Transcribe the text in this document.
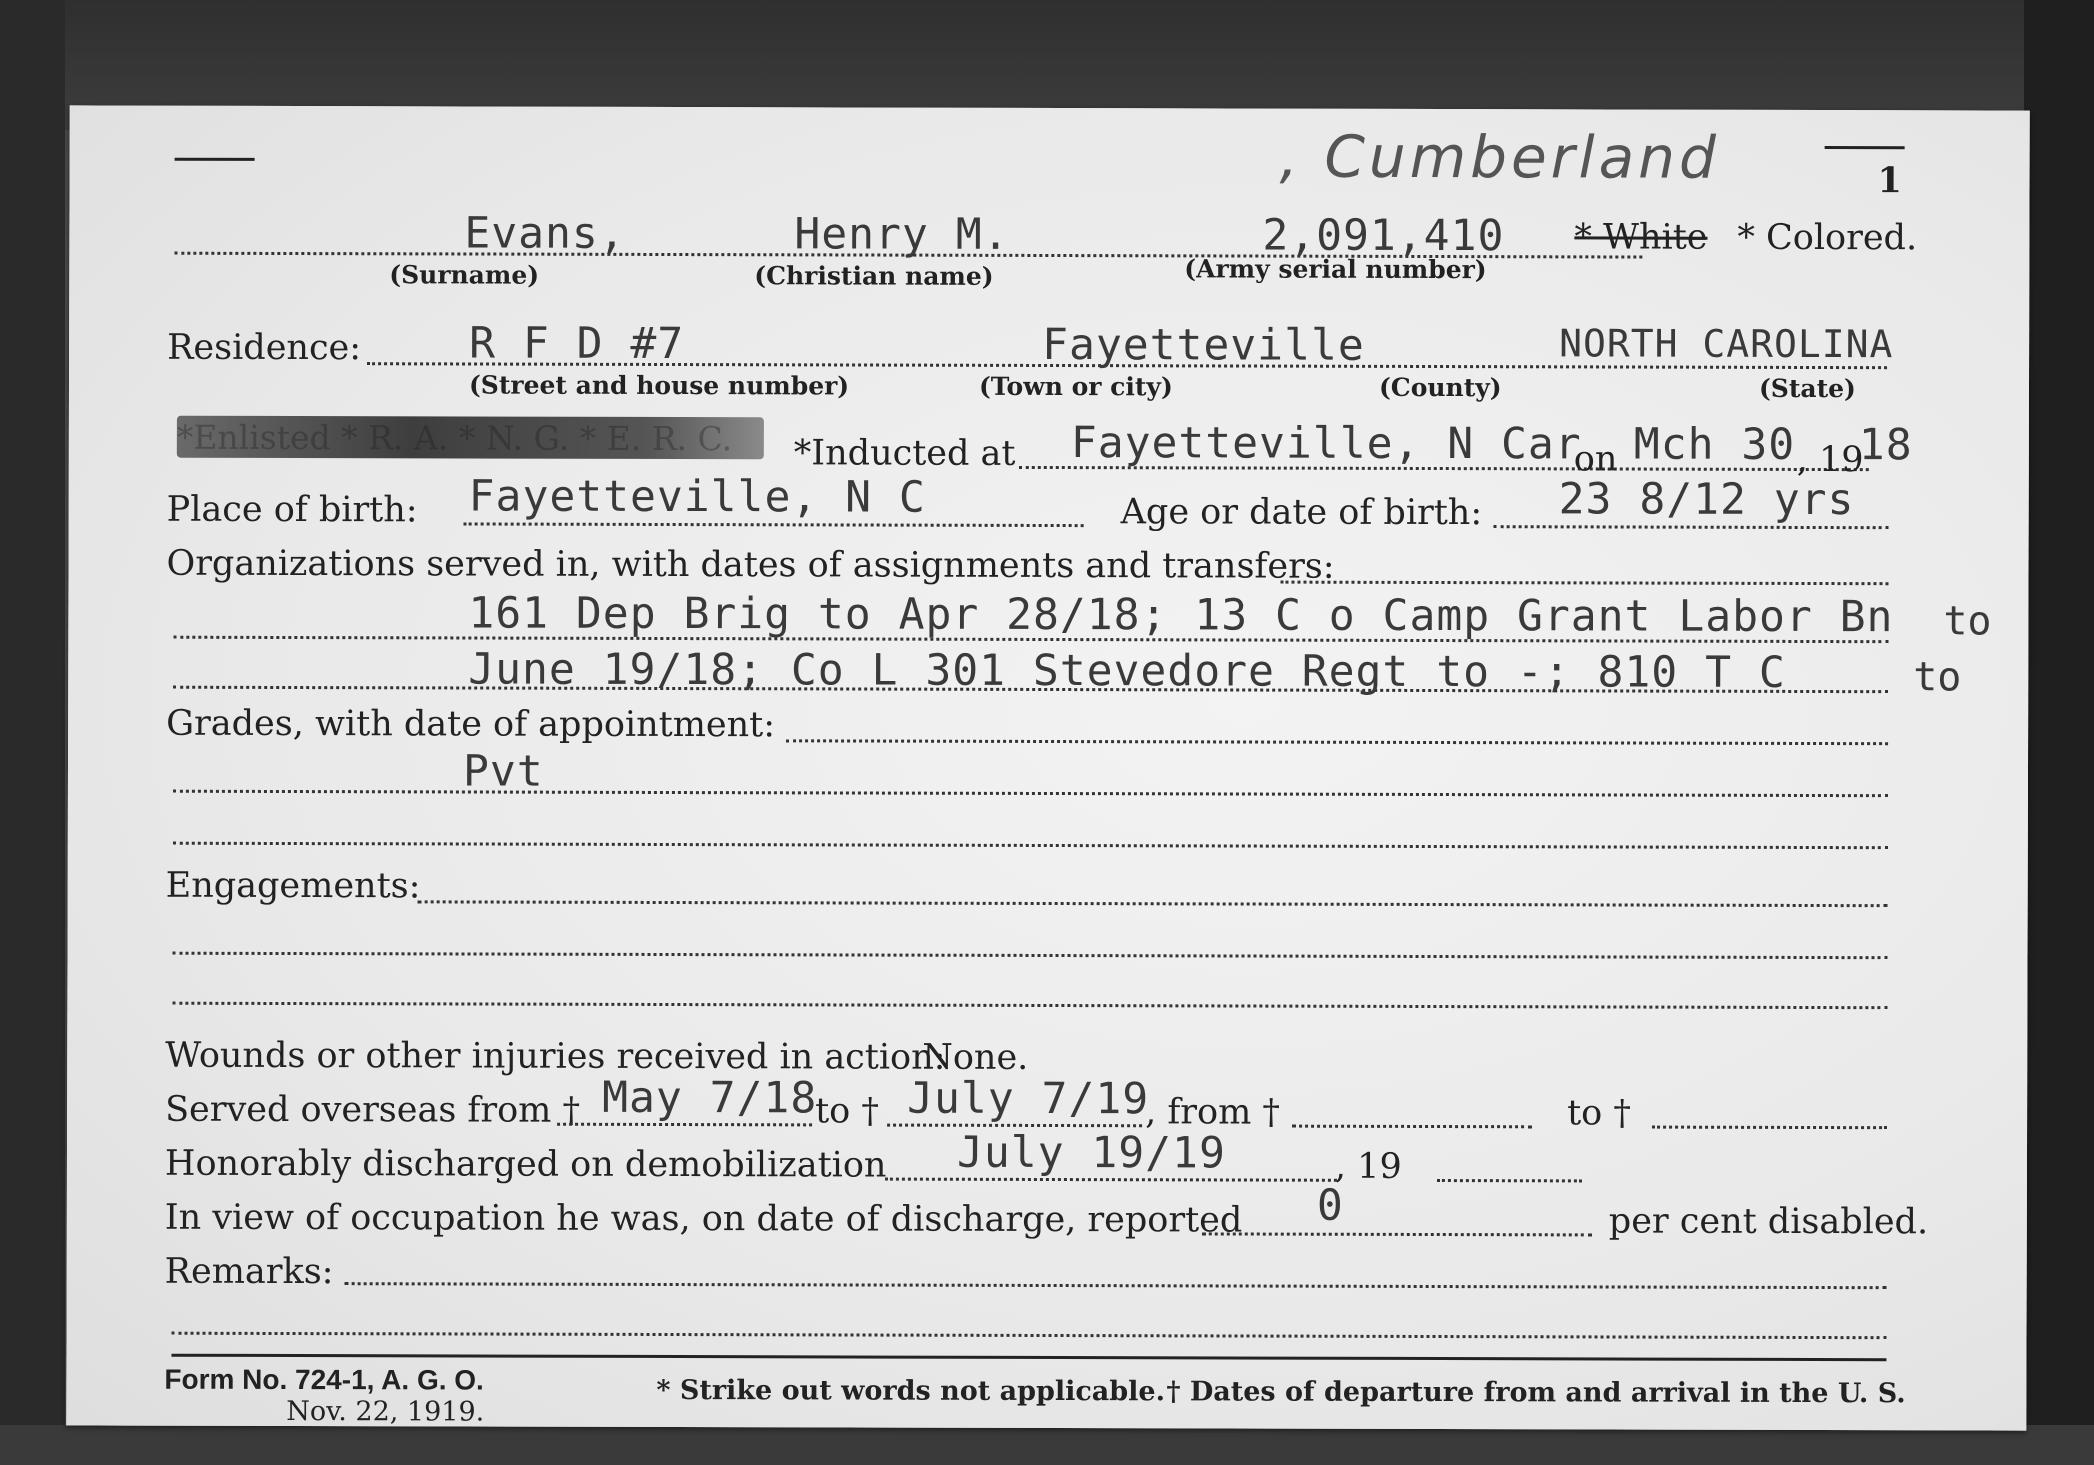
, Cumberland	1
Evans,	Henry M.	2,091,410 * White * Colored.
(Surname)	(Christian name)	(Army serial number)
Residence:	R F D #7	Fayetteville	NORTH CAROLINA
(Street and house number)	(Town or city)	(County)	(State)
*Enlisted * R. A. * N. G. * E. R. C. *Inducted at Fayetteville, N Car
on Mch 30 , 19
18
Place of birth: Fayetteville, N C	Age or date of birth: 23 8/12 yrs
Organizations served in, with dates of assignments and transfers:
161 Dep Brig to Apr 28/18; 13 C o Camp Grant Labor Bn to
June 19/18; Co L 301 Stevedore Regt to -; 810 T C	to
Grades, with date of appointment:
Pvt
Engagements:
Wounds or other injuries received in action:
None.
Served overseas from † May 7/18
to † July 7/19
, from †	to †
Honorably discharged on demobilization July 19/19	, 19
In view of occupation he was, on date of discharge, reported 0	per cent disabled.
Remarks:
Form No. 724-1, A. G. O.
Nov. 22, 1919.
* Strike out words not applicable. † Dates of departure from and arrival in the U. S.
